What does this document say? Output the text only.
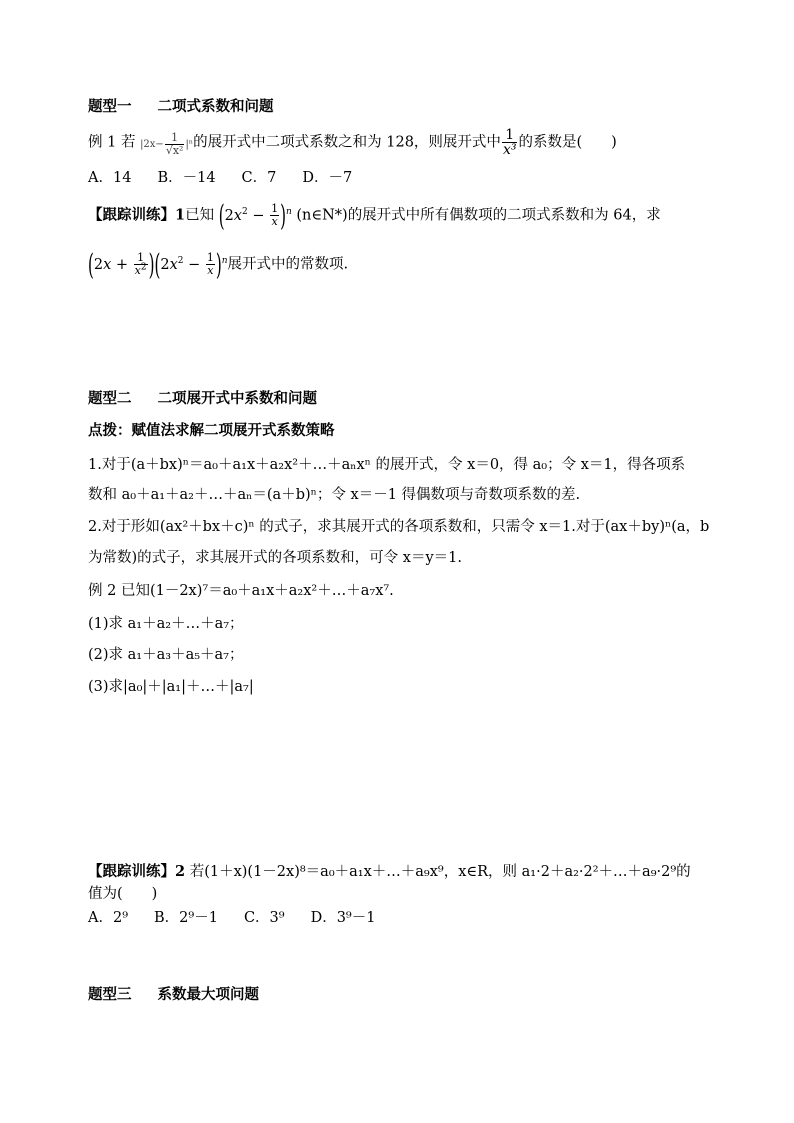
题型一 二项式系数和问题
例 1 若 $|2x- \frac{1}{\text{√x²}} |^n$的展开式中二项式系数之和为 128，则展开式中 $\frac{1}{\text{x³}}$ 的系数是(　　)
A．14 B．－14 C．7 D．－7
【跟踪训练】1已知 $(2x^2 - \frac{1}{x} )^n$ (n∈N*)的展开式中所有偶数项的二项式系数和为 64，求
$(2x + \frac{1}{x^2} )(2x^2 - \frac{1}{x} )^n$展开式中的常数项.
题型二 二项展开式中系数和问题
点拨：赋值法求解二项展开式系数策略
1.对于(a＋bx)ⁿ＝a₀＋a₁x＋a₂x²＋…＋aₙxⁿ 的展开式，令 x＝0，得 a₀；令 x＝1，得各项系
数和 a₀＋a₁＋a₂＋…＋aₙ＝(a＋b)ⁿ；令 x＝－1 得偶数项与奇数项系数的差.
2.对于形如(ax²＋bx＋c)ⁿ 的式子，求其展开式的各项系数和，只需令 x＝1.对于(ax＋by)ⁿ(a，b
为常数)的式子，求其展开式的各项系数和，可令 x＝y＝1.
例 2 已知(1－2x)⁷＝a₀＋a₁x＋a₂x²＋…＋a₇x⁷.
(1)求 a₁＋a₂＋…＋a₇；
(2)求 a₁＋a₃＋a₅＋a₇；
(3)求|a₀|＋|a₁|＋…＋|a₇|
【跟踪训练】2 若(1＋x)(1－2x)⁸＝a₀＋a₁x＋…＋a₉x⁹，x∈R，则 a₁·2＋a₂·2²＋…＋a₉·2⁹的
值为(　　)
A．2⁹ B．2⁹－1 C．3⁹ D．3⁹－1
题型三 系数最大项问题
